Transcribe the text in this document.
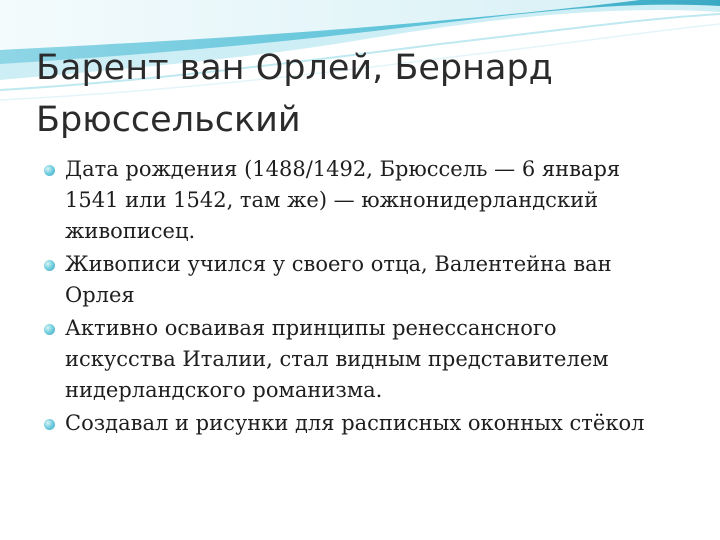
Барент ван Орлей, Бернард Брюссельский
Дата рождения (1488/1492, Брюссель — 6 января 1541 или 1542, там же) — южнонидерландский живописец.
Живописи учился у своего отца, Валентейна ван Орлея
Активно осваивая принципы ренессансного искусства Италии, стал видным представителем нидерландского романизма.
Создавал и рисунки для расписных оконных стёкол
